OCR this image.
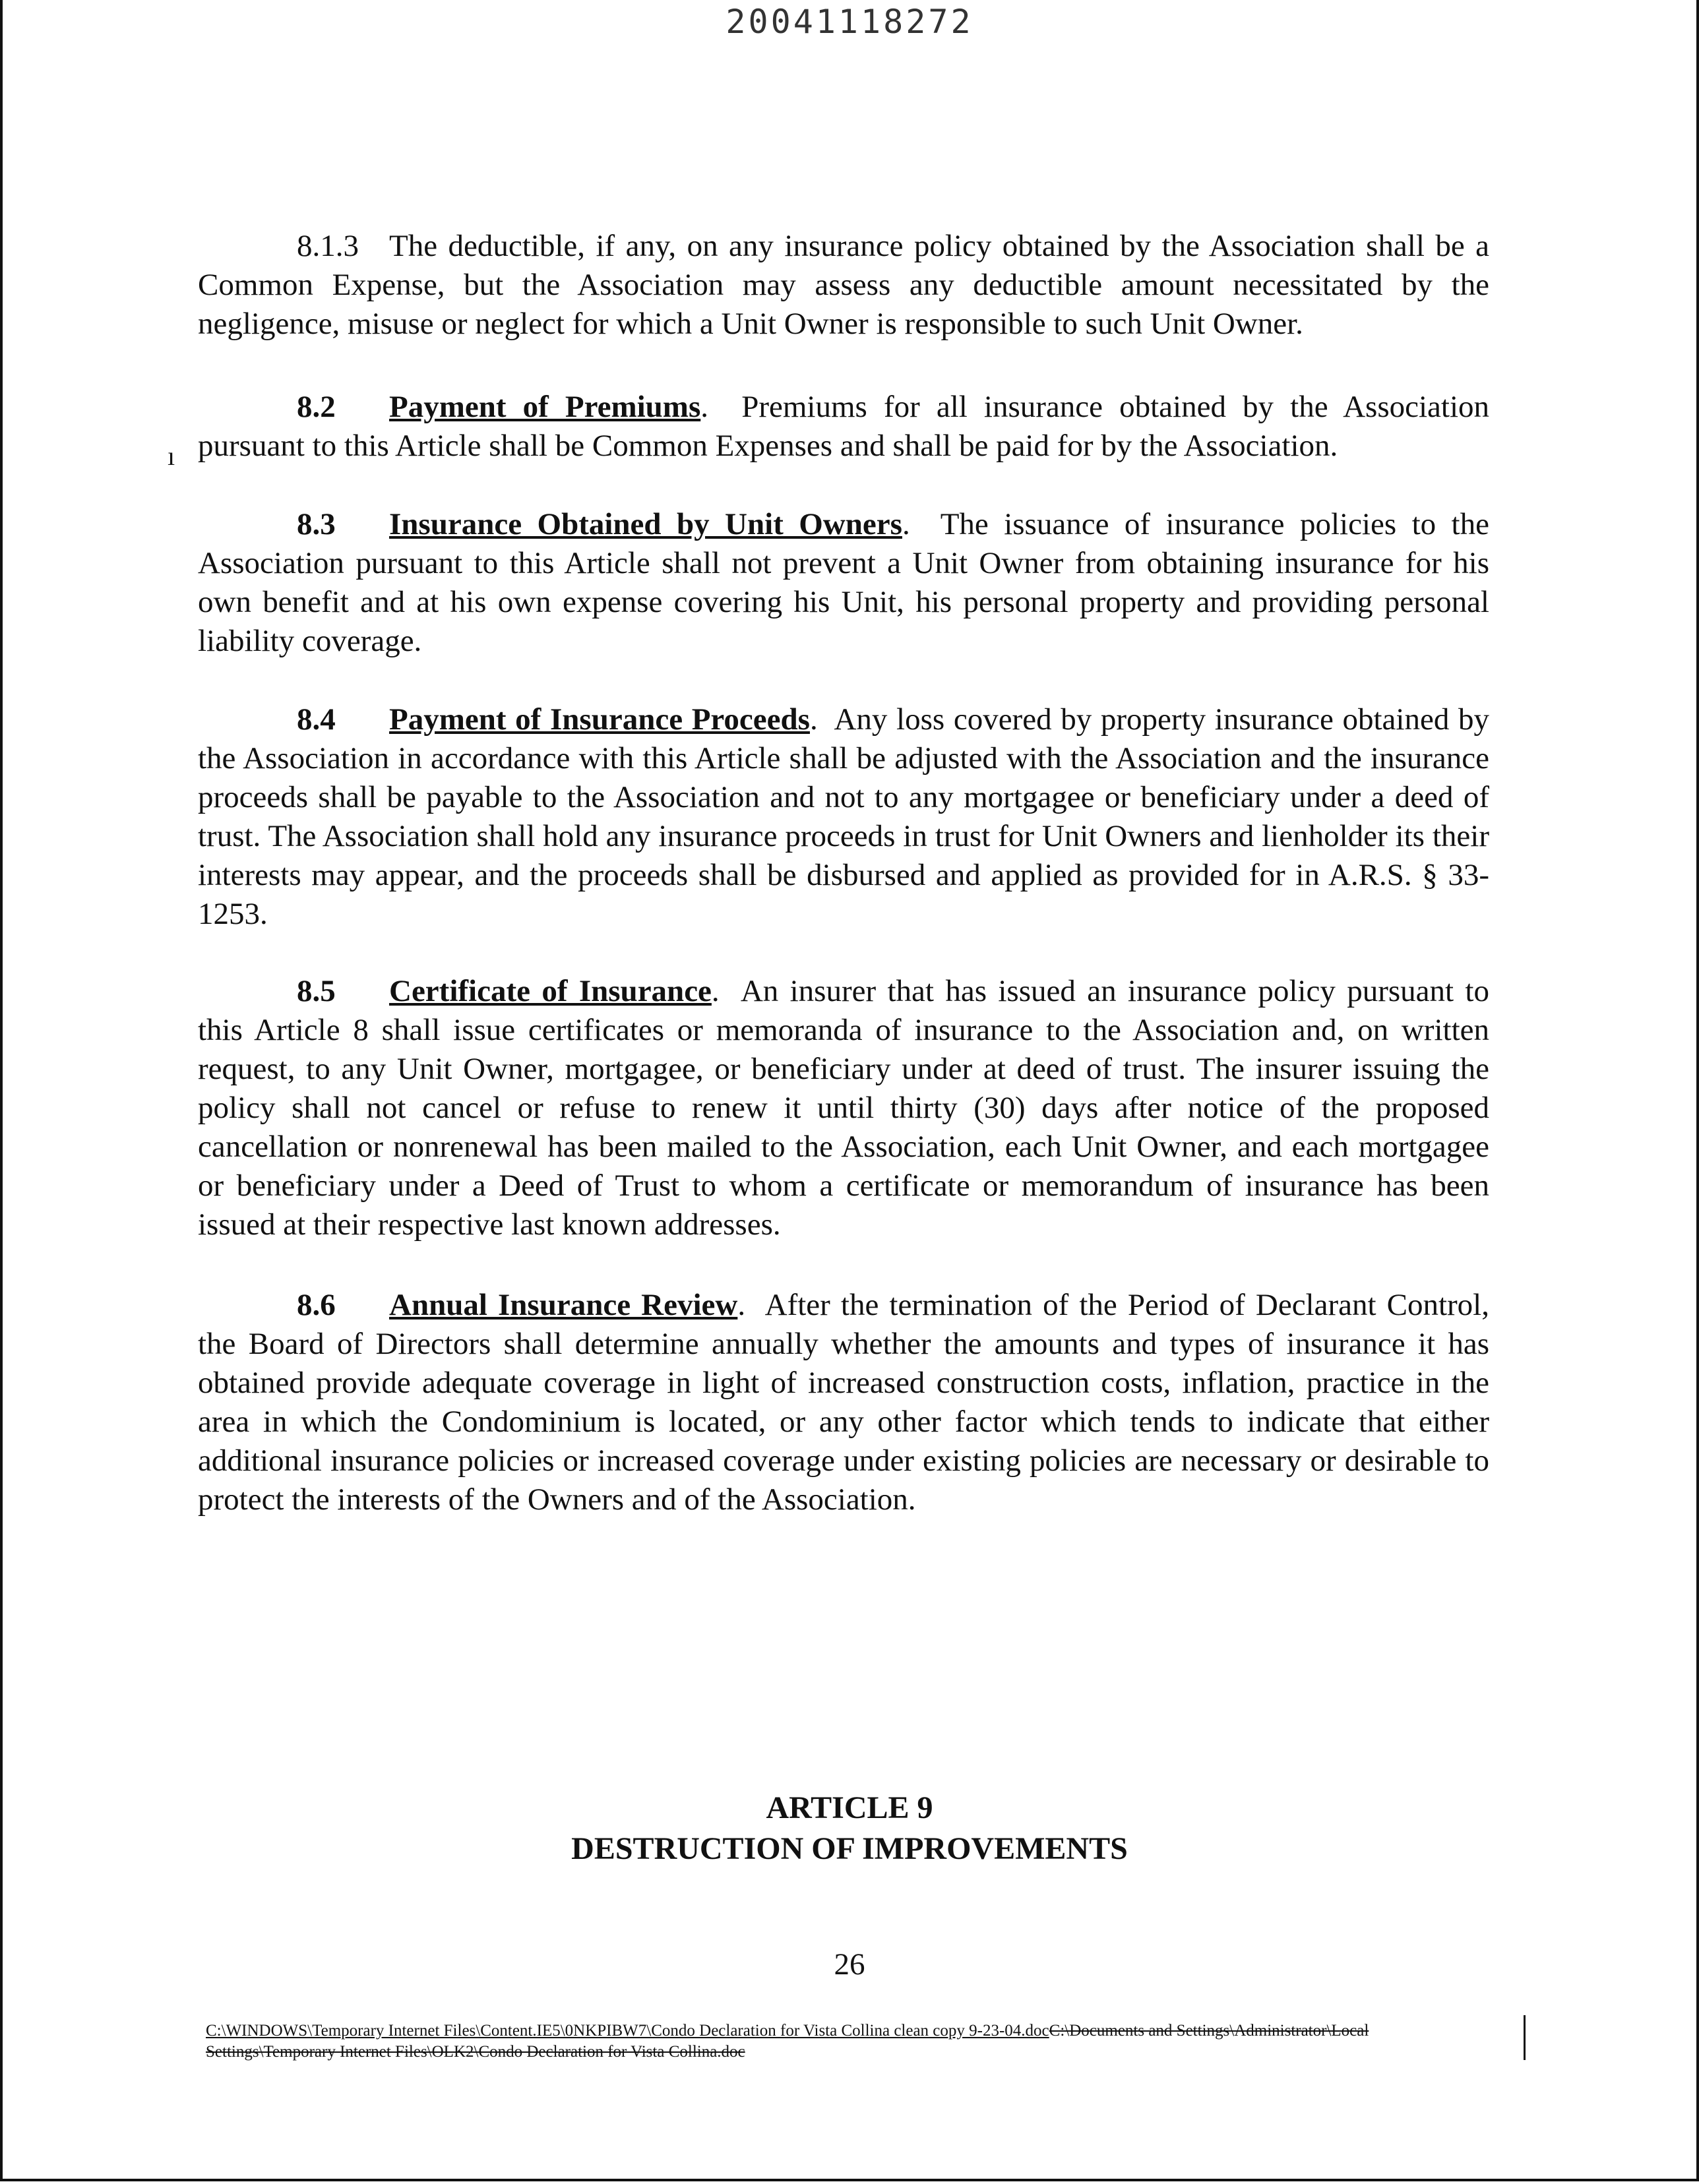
20041118272
8.1.3 The deductible, if any, on any insurance policy obtained by the Association shall be a Common Expense, but the Association may assess any deductible amount necessitated by the negligence, misuse or neglect for which a Unit Owner is responsible to such Unit Owner.
ı
8.2 Payment of Premiums. Premiums for all insurance obtained by the Association pursuant to this Article shall be Common Expenses and shall be paid for by the Association.
8.3 Insurance Obtained by Unit Owners. The issuance of insurance policies to the Association pursuant to this Article shall not prevent a Unit Owner from obtaining insurance for his own benefit and at his own expense covering his Unit, his personal property and providing personal liability coverage.
8.4 Payment of Insurance Proceeds. Any loss covered by property insurance obtained by the Association in accordance with this Article shall be adjusted with the Association and the insurance proceeds shall be payable to the Association and not to any mortgagee or beneficiary under a deed of trust. The Association shall hold any insurance proceeds in trust for Unit Owners and lienholder its their interests may appear, and the proceeds shall be disbursed and applied as provided for in A.R.S. § 33-1253.
8.5 Certificate of Insurance. An insurer that has issued an insurance policy pursuant to this Article 8 shall issue certificates or memoranda of insurance to the Association and, on written request, to any Unit Owner, mortgagee, or beneficiary under at deed of trust. The insurer issuing the policy shall not cancel or refuse to renew it until thirty (30) days after notice of the proposed cancellation or nonrenewal has been mailed to the Association, each Unit Owner, and each mortgagee or beneficiary under a Deed of Trust to whom a certificate or memorandum of insurance has been issued at their respective last known addresses.
8.6 Annual Insurance Review. After the termination of the Period of Declarant Control, the Board of Directors shall determine annually whether the amounts and types of insurance it has obtained provide adequate coverage in light of increased construction costs, inflation, practice in the area in which the Condominium is located, or any other factor which tends to indicate that either additional insurance policies or increased coverage under existing policies are necessary or desirable to protect the interests of the Owners and of the Association.
ARTICLE 9
DESTRUCTION OF IMPROVEMENTS
26
C:\WINDOWS\Temporary Internet Files\Content.IE5\0NKPIBW7\Condo Declaration for Vista Collina clean copy 9-23-04.docC:\Documents and Settings\Administrator\Local Settings\Temporary Internet Files\OLK2\Condo Declaration for Vista Collina.doc
